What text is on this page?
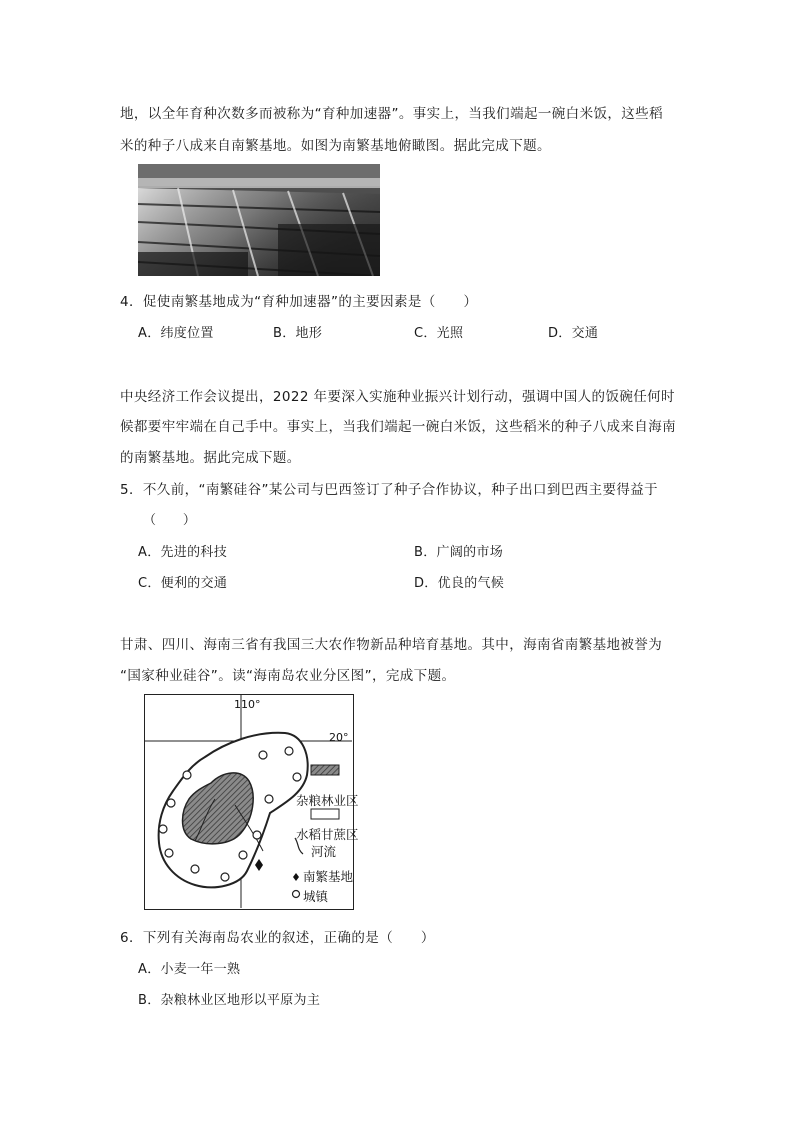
地，以全年育种次数多而被称为“育种加速器”。事实上，当我们端起一碗白米饭，这些稻
米的种子八成来自南繁基地。如图为南繁基地俯瞰图。据此完成下题。
4．促使南繁基地成为“育种加速器”的主要因素是（　　）
A．纬度位置	B．地形	C．光照	D．交通
中央经济工作会议提出，2022 年要深入实施种业振兴计划行动，强调中国人的饭碗任何时
候都要牢牢端在自己手中。事实上，当我们端起一碗白米饭，这些稻米的种子八成来自海南
的南繁基地。据此完成下题。
5．不久前，“南繁硅谷”某公司与巴西签订了种子合作协议，种子出口到巴西主要得益于
（　　）
A．先进的科技	B．广阔的市场
C．便利的交通	D．优良的气候
甘肃、四川、海南三省有我国三大农作物新品种培育基地。其中，海南省南繁基地被誉为
“国家种业硅谷”。读“海南岛农业分区图”，完成下题。
110°
20°
杂粮林业区
水稻甘蔗区
河流
南繁基地
城镇
6．下列有关海南岛农业的叙述，正确的是（　　）
A．小麦一年一熟
B．杂粮林业区地形以平原为主
